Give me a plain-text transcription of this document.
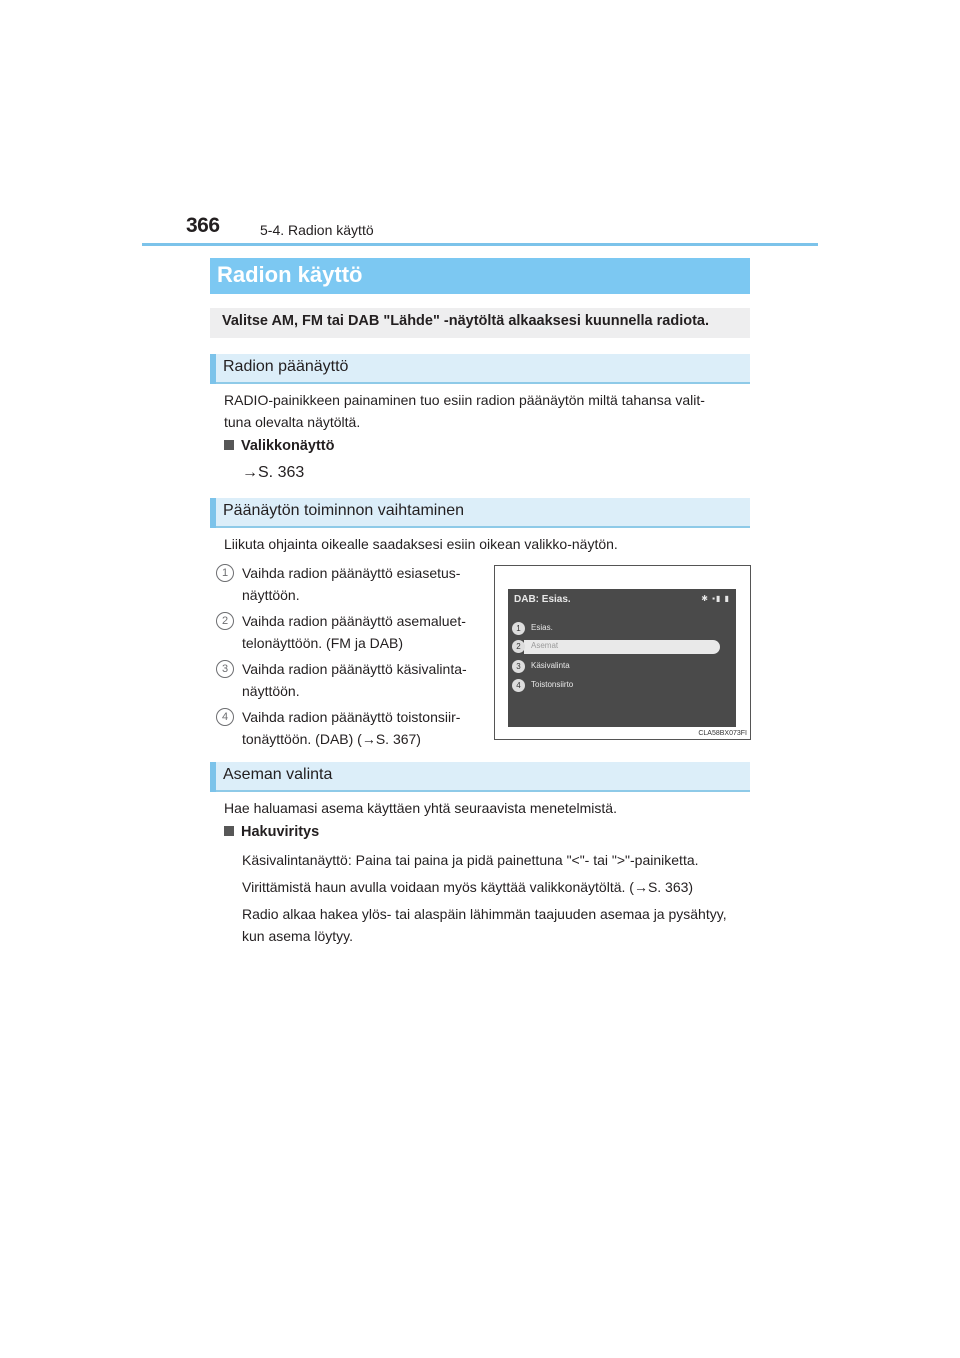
366	5-4. Radion käyttö
Radion käyttö
Valitse AM, FM tai DAB "Lähde" -näytöltä alkaaksesi kuunnella radiota.
Radion päänäyttö
RADIO-painikkeen painaminen tuo esiin radion päänäytön miltä tahansa valit-
tuna olevalta näytöltä.
Valikkonäyttö
→S. 363
Päänäytön toiminnon vaihtaminen
Liikuta ohjainta oikealle saadaksesi esiin oikean valikko-näytön.
1 Vaihda radion päänäyttö esiasetus-
näyttöön.
2 Vaihda radion päänäyttö asemaluet-
telonäyttöön. (FM ja DAB)
3 Vaihda radion päänäyttö käsivalinta-
näyttöön.
4 Vaihda radion päänäyttö toistonsiir-
tonäyttöön. (DAB) (→S. 367)
DAB: Esias.	✱ ▪▮ ▮
1	Esias.
2	Asemat
3	Käsivalinta
4	Toistonsiirto
CLA58BX073FI
Aseman valinta
Hae haluamasi asema käyttäen yhtä seuraavista menetelmistä.
Hakuviritys
Käsivalintanäyttö: Paina tai paina ja pidä painettuna "<"- tai ">"-painiketta.
Virittämistä haun avulla voidaan myös käyttää valikkonäytöltä. (→S. 363)
Radio alkaa hakea ylös- tai alaspäin lähimmän taajuuden asemaa ja pysähtyy,
kun asema löytyy.
